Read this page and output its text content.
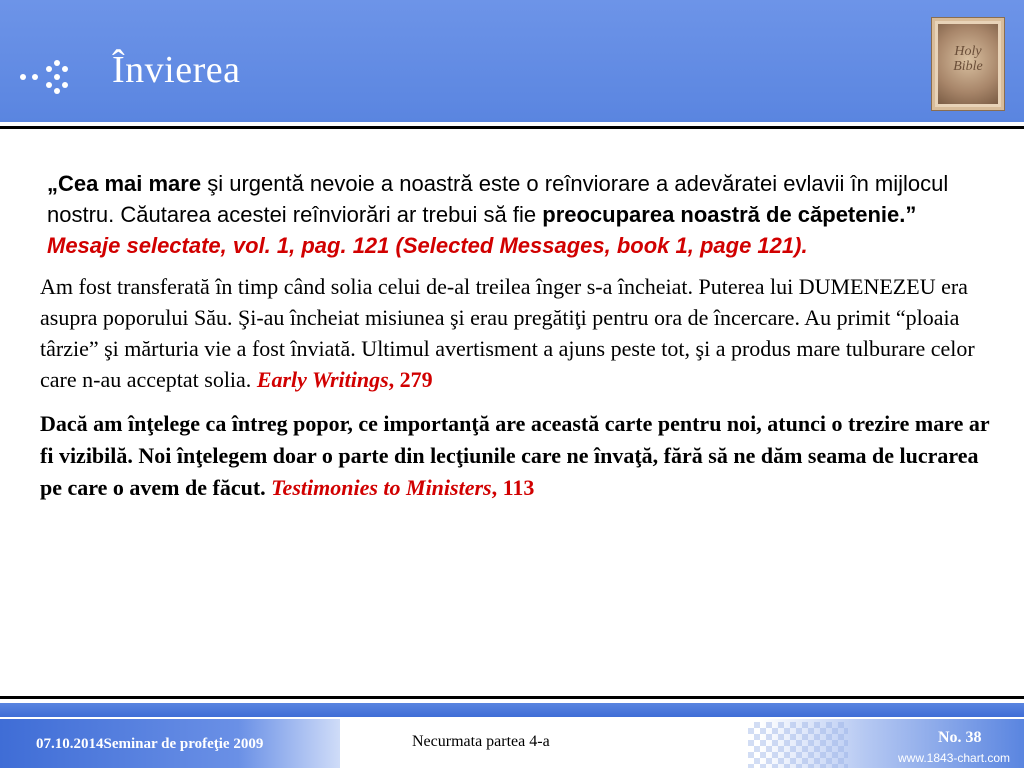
Învierea	Holy Bible

„Cea mai mare şi urgentă nevoie a noastră este o reînviorare a adevăratei evlavii în mijlocul nostru. Căutarea acestei reînviorări ar trebui să fie preocuparea noastră de căpetenie.” Mesaje selectate, vol. 1, pag. 121 (Selected Messages, book 1, page 121).

Am fost transferată în timp când solia celui de-al treilea înger s-a încheiat. Puterea lui DUMENEZEU era asupra poporului Său. Şi-au încheiat misiunea şi erau pregătiţi pentru ora de încercare. Au primit “ploaia târzie” şi mărturia vie a fost înviată. Ultimul avertisment a ajuns peste tot, şi a produs mare tulburare celor care n-au acceptat solia. Early Writings, 279

Dacă am înţelege ca întreg popor, ce importanţă are această carte pentru noi, atunci o trezire mare ar fi vizibilă. Noi înţelegem doar o parte din lecţiunile care ne învaţă, fără să ne dăm seama de lucrarea pe care o avem de făcut. Testimonies to Ministers, 113

07.10.2014Seminar de profeţie 2009	Necurmata partea 4-a	No. 38
www.1843-chart.com
